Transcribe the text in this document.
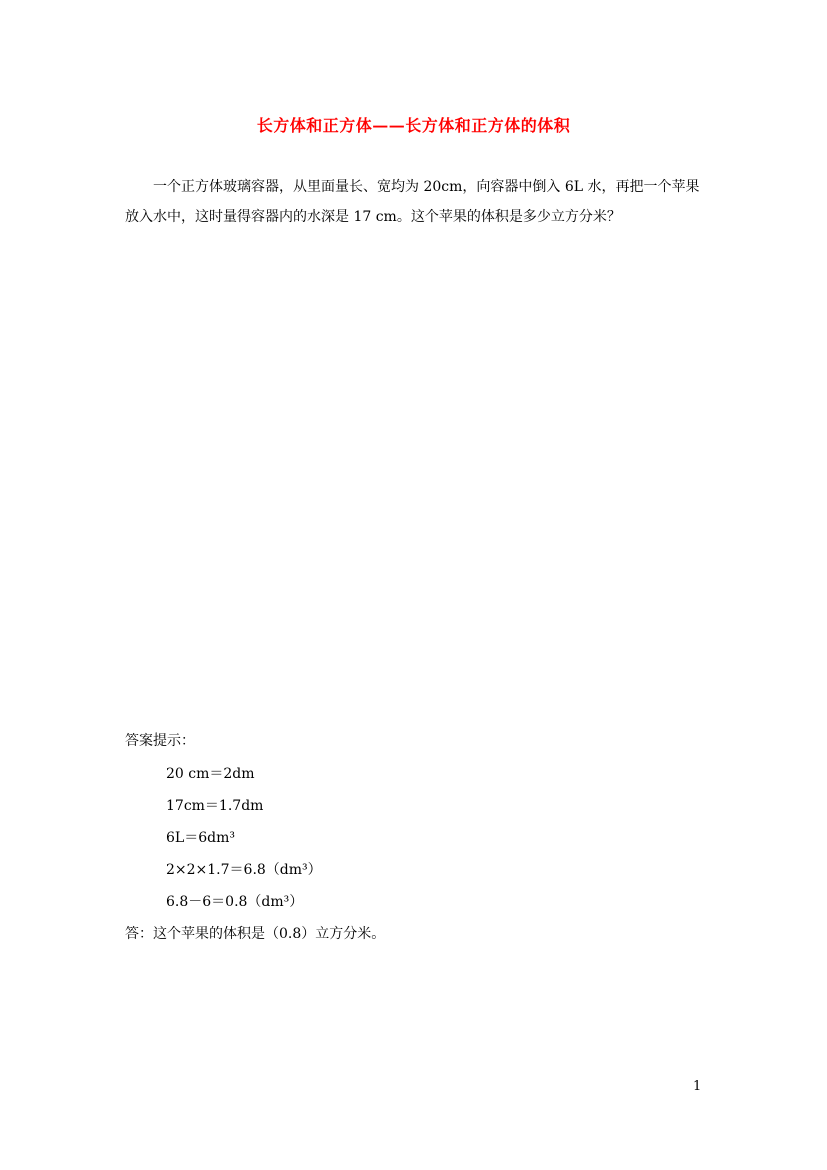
长方体和正方体——长方体和正方体的体积

一个正方体玻璃容器，从里面量长、宽均为 20cm，向容器中倒入 6L 水，再把一个苹果放入水中，这时量得容器内的水深是 17 cm。这个苹果的体积是多少立方分米？

答案提示：
20 cm＝2dm
17cm＝1.7dm
6L＝6dm³
2×2×1.7＝6.8（dm³）
6.8－6＝0.8（dm³）
答：这个苹果的体积是（0.8）立方分米。
1
